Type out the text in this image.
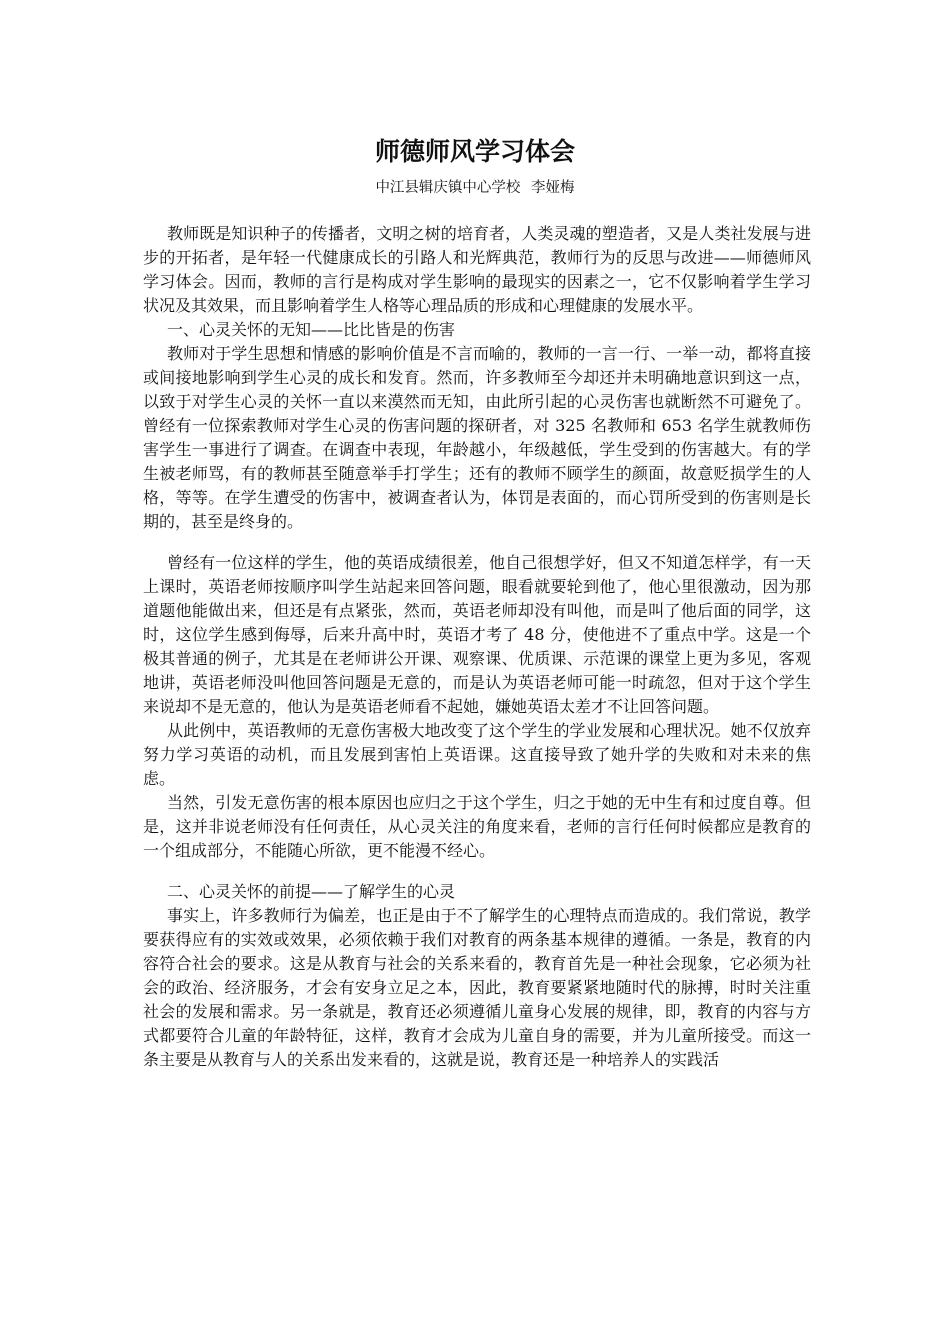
师德师风学习体会
中江县辑庆镇中心学校 李娅梅

教师既是知识种子的传播者，文明之树的培育者，人类灵魂的塑造者，又是人类社发展与进步的开拓者，是年轻一代健康成长的引路人和光辉典范，教师行为的反思与改进——师德师风学习体会。因而，教师的言行是构成对学生影响的最现实的因素之一，它不仅影响着学生学习状况及其效果，而且影响着学生人格等心理品质的形成和心理健康的发展水平。

一、心灵关怀的无知——比比皆是的伤害

教师对于学生思想和情感的影响价值是不言而喻的，教师的一言一行、一举一动，都将直接或间接地影响到学生心灵的成长和发育。然而，许多教师至今却还并未明确地意识到这一点，以致于对学生心灵的关怀一直以来漠然而无知，由此所引起的心灵伤害也就断然不可避免了。曾经有一位探索教师对学生心灵的伤害问题的探研者，对 325 名教师和 653 名学生就教师伤害学生一事进行了调查。在调查中表现，年龄越小，年级越低，学生受到的伤害越大。有的学生被老师骂，有的教师甚至随意举手打学生；还有的教师不顾学生的颜面，故意贬损学生的人格，等等。在学生遭受的伤害中，被调查者认为，体罚是表面的，而心罚所受到的伤害则是长期的，甚至是终身的。

曾经有一位这样的学生，他的英语成绩很差，他自己很想学好，但又不知道怎样学，有一天上课时，英语老师按顺序叫学生站起来回答问题，眼看就要轮到他了，他心里很激动，因为那道题他能做出来，但还是有点紧张，然而，英语老师却没有叫他，而是叫了他后面的同学，这时，这位学生感到侮辱，后来升高中时，英语才考了 48 分，使他进不了重点中学。这是一个极其普通的例子，尤其是在老师讲公开课、观察课、优质课、示范课的课堂上更为多见，客观地讲，英语老师没叫他回答问题是无意的，而是认为英语老师可能一时疏忽，但对于这个学生来说却不是无意的，他认为是英语老师看不起她，嫌她英语太差才不让回答问题。

从此例中，英语教师的无意伤害极大地改变了这个学生的学业发展和心理状况。她不仅放弃努力学习英语的动机，而且发展到害怕上英语课。这直接导致了她升学的失败和对未来的焦虑。

当然，引发无意伤害的根本原因也应归之于这个学生，归之于她的无中生有和过度自尊。但是，这并非说老师没有任何责任，从心灵关注的角度来看，老师的言行任何时候都应是教育的一个组成部分，不能随心所欲，更不能漫不经心。

二、心灵关怀的前提——了解学生的心灵

事实上，许多教师行为偏差，也正是由于不了解学生的心理特点而造成的。我们常说，教学要获得应有的实效或效果，必须依赖于我们对教育的两条基本规律的遵循。一条是，教育的内容符合社会的要求。这是从教育与社会的关系来看的，教育首先是一种社会现象，它必须为社会的政治、经济服务，才会有安身立足之本，因此，教育要紧紧地随时代的脉搏，时时关注重　社会的发展和需求。另一条就是，教育还必须遵循儿童身心发展的规律，即，教育的内容与方式都要符合儿童的年龄特征，这样，教育才会成为儿童自身的需要，并为儿童所接受。而这一条主要是从教育与人的关系出发来看的，这就是说，教育还是一种培养人的实践活
